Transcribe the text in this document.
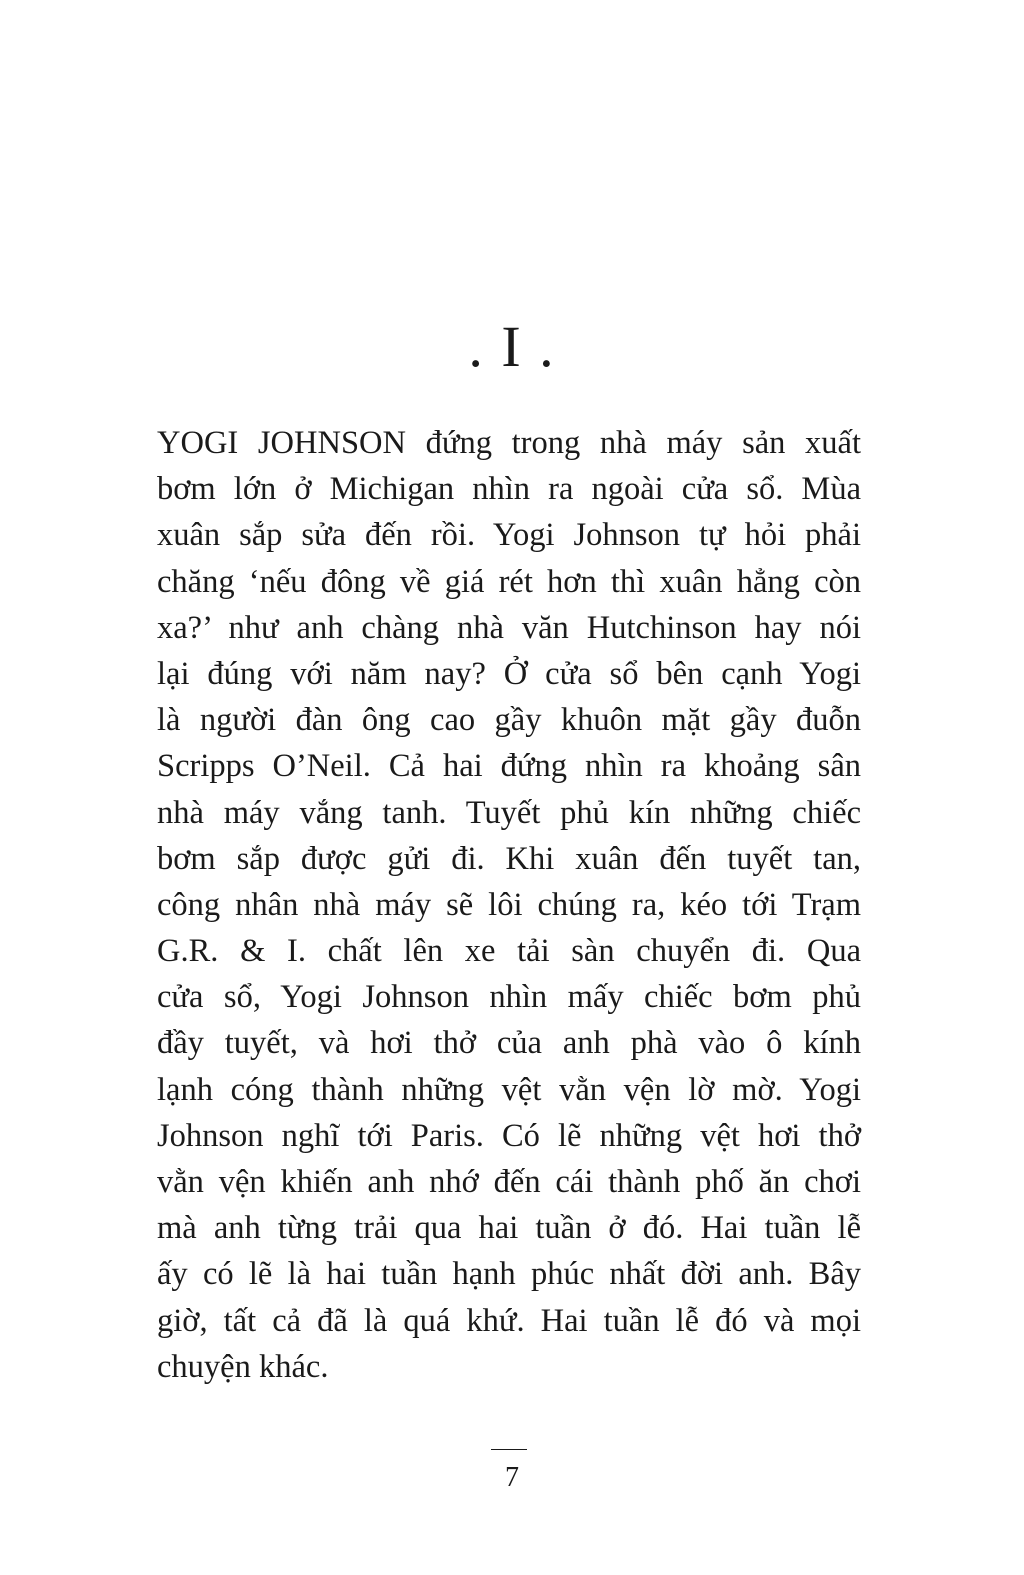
. I .
YOGI JOHNSON đứng trong nhà máy sản xuất
bơm lớn ở Michigan nhìn ra ngoài cửa sổ. Mùa
xuân sắp sửa đến rồi. Yogi Johnson tự hỏi phải
chăng ‘nếu đông về giá rét hơn thì xuân hẳng còn
xa?’ như anh chàng nhà văn Hutchinson hay nói
lại đúng với năm nay? Ở cửa sổ bên cạnh Yogi
là người đàn ông cao gầy khuôn mặt gầy đuỗn
Scripps O’Neil. Cả hai đứng nhìn ra khoảng sân
nhà máy vắng tanh. Tuyết phủ kín những chiếc
bơm sắp được gửi đi. Khi xuân đến tuyết tan,
công nhân nhà máy sẽ lôi chúng ra, kéo tới Trạm
G.R. & I. chất lên xe tải sàn chuyển đi. Qua
cửa sổ, Yogi Johnson nhìn mấy chiếc bơm phủ
đầy tuyết, và hơi thở của anh phà vào ô kính
lạnh cóng thành những vệt vằn vện lờ mờ. Yogi
Johnson nghĩ tới Paris. Có lẽ những vệt hơi thở
vằn vện khiến anh nhớ đến cái thành phố ăn chơi
mà anh từng trải qua hai tuần ở đó. Hai tuần lễ
ấy có lẽ là hai tuần hạnh phúc nhất đời anh. Bây
giờ, tất cả đã là quá khứ. Hai tuần lễ đó và mọi
chuyện khác.
7
